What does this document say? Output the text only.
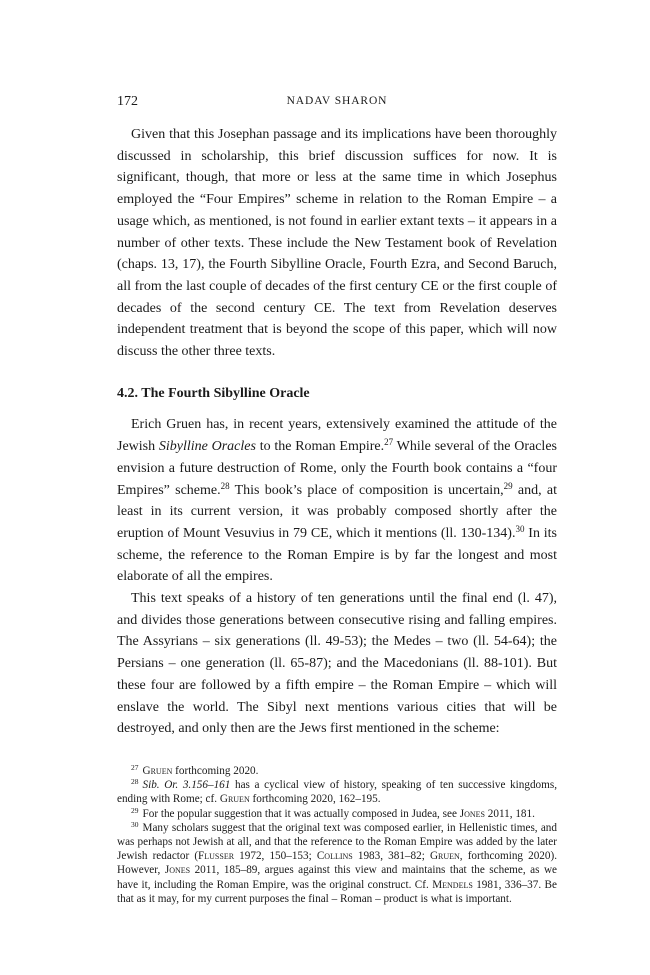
172	NADAV SHARON

Given that this Josephan passage and its implications have been thoroughly discussed in scholarship, this brief discussion suffices for now. It is significant, though, that more or less at the same time in which Josephus employed the “Four Empires” scheme in relation to the Roman Empire – a usage which, as mentioned, is not found in earlier extant texts – it appears in a number of other texts. These include the New Testament book of Revelation (chaps. 13, 17), the Fourth Sibylline Oracle, Fourth Ezra, and Second Baruch, all from the last couple of decades of the first century CE or the first couple of decades of the second century CE. The text from Revelation deserves independent treatment that is beyond the scope of this paper, which will now discuss the other three texts.

4.2. The Fourth Sibylline Oracle

Erich Gruen has, in recent years, extensively examined the attitude of the Jewish Sibylline Oracles to the Roman Empire.$^{27}$ While several of the Oracles envision a future destruction of Rome, only the Fourth book contains a “four Empires” scheme.$^{28}$ This book’s place of composition is uncertain,$^{29}$ and, at least in its current version, it was probably composed shortly after the eruption of Mount Vesuvius in 79 CE, which it mentions (ll. 130-134).$^{30}$ In its scheme, the reference to the Roman Empire is by far the longest and most elaborate of all the empires.

This text speaks of a history of ten generations until the final end (l. 47), and divides those generations between consecutive rising and falling empires. The Assyrians – six generations (ll. 49-53); the Medes – two (ll. 54-64); the Persians – one generation (ll. 65-87); and the Macedonians (ll. 88-101). But these four are followed by a fifth empire – the Roman Empire – which will enslave the world. The Sibyl next mentions various cities that will be destroyed, and only then are the Jews first mentioned in the scheme:

$^{27}$ Gruen forthcoming 2020.

$^{28}$ Sib. Or. 3.156–161 has a cyclical view of history, speaking of ten successive kingdoms, ending with Rome; cf. Gruen forthcoming 2020, 162–195.

$^{29}$ For the popular suggestion that it was actually composed in Judea, see Jones 2011, 181.

$^{30}$ Many scholars suggest that the original text was composed earlier, in Hellenistic times, and was perhaps not Jewish at all, and that the reference to the Roman Empire was added by the later Jewish redactor (Flusser 1972, 150–153; Collins 1983, 381–82; Gruen, forthcoming 2020). However, Jones 2011, 185–89, argues against this view and maintains that the scheme, as we have it, including the Roman Empire, was the original construct. Cf. Mendels 1981, 336–37. Be that as it may, for my current purposes the final – Roman – product is what is important.
